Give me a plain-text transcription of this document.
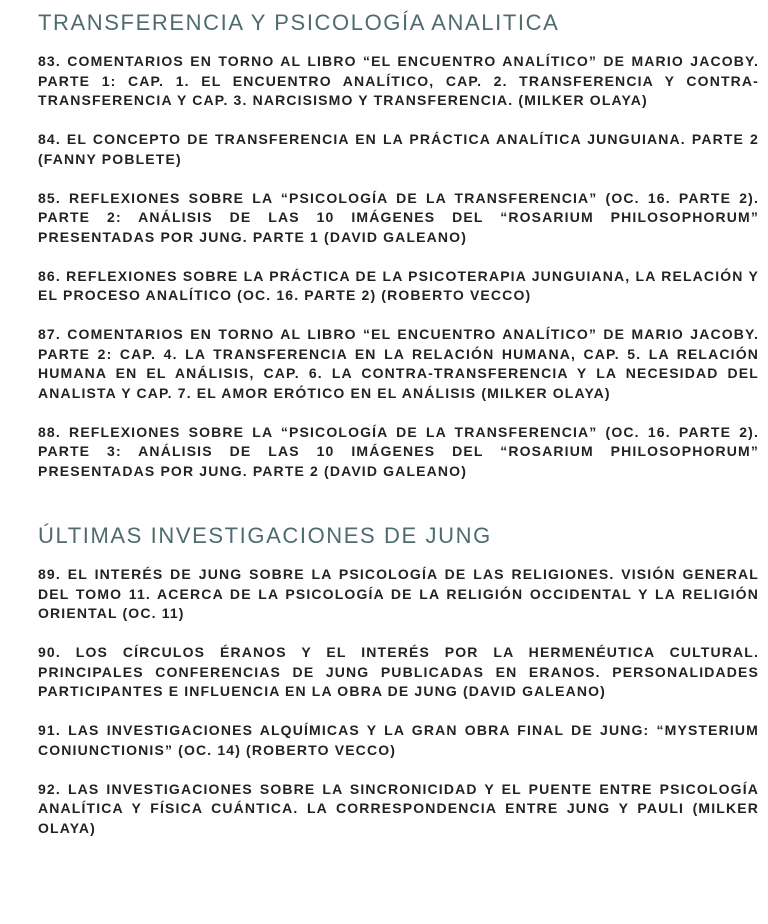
TRANSFERENCIA Y PSICOLOGÍA ANALITICA

83. COMENTARIOS EN TORNO AL LIBRO “EL ENCUENTRO ANALÍTICO” DE MARIO JACOBY. PARTE 1: CAP. 1. EL ENCUENTRO ANALÍTICO, CAP. 2. TRANSFERENCIA Y CONTRA-TRANSFERENCIA Y CAP. 3. NARCISISMO Y TRANSFERENCIA. (MILKER OLAYA)

84. EL CONCEPTO DE TRANSFERENCIA EN LA PRÁCTICA ANALÍTICA JUNGUIANA. PARTE 2 (FANNY POBLETE)

85. REFLEXIONES SOBRE LA “PSICOLOGÍA DE LA TRANSFERENCIA” (OC. 16. PARTE 2). PARTE 2: ANÁLISIS DE LAS 10 IMÁGENES DEL “ROSARIUM PHILOSOPHORUM” PRESENTADAS POR JUNG. PARTE 1 (DAVID GALEANO)

86. REFLEXIONES SOBRE LA PRÁCTICA DE LA PSICOTERAPIA JUNGUIANA, LA RELACIÓN Y EL PROCESO ANALÍTICO (OC. 16. PARTE 2) (ROBERTO VECCO)

87. COMENTARIOS EN TORNO AL LIBRO “EL ENCUENTRO ANALÍTICO” DE MARIO JACOBY. PARTE 2: CAP. 4. LA TRANSFERENCIA EN LA RELACIÓN HUMANA, CAP. 5. LA RELACIÓN HUMANA EN EL ANÁLISIS, CAP. 6. LA CONTRA-TRANSFERENCIA Y LA NECESIDAD DEL ANALISTA Y CAP. 7. EL AMOR ERÓTICO EN EL ANÁLISIS (MILKER OLAYA)

88. REFLEXIONES SOBRE LA “PSICOLOGÍA DE LA TRANSFERENCIA” (OC. 16. PARTE 2). PARTE 3: ANÁLISIS DE LAS 10 IMÁGENES DEL “ROSARIUM PHILOSOPHORUM” PRESENTADAS POR JUNG. PARTE 2 (DAVID GALEANO)

ÚLTIMAS INVESTIGACIONES DE JUNG

89. EL INTERÉS DE JUNG SOBRE LA PSICOLOGÍA DE LAS RELIGIONES. VISIÓN GENERAL DEL TOMO 11. ACERCA DE LA PSICOLOGÍA DE LA RELIGIÓN OCCIDENTAL Y LA RELIGIÓN ORIENTAL (OC. 11)

90. LOS CÍRCULOS ÉRANOS Y EL INTERÉS POR LA HERMENÉUTICA CULTURAL. PRINCIPALES CONFERENCIAS DE JUNG PUBLICADAS EN ERANOS. PERSONALIDADES PARTICIPANTES E INFLUENCIA EN LA OBRA DE JUNG (DAVID GALEANO)

91. LAS INVESTIGACIONES ALQUÍMICAS Y LA GRAN OBRA FINAL DE JUNG: “MYSTERIUM CONIUNCTIONIS” (OC. 14) (ROBERTO VECCO)

92. LAS INVESTIGACIONES SOBRE LA SINCRONICIDAD Y EL PUENTE ENTRE PSICOLOGÍA ANALÍTICA Y FÍSICA CUÁNTICA. LA CORRESPONDENCIA ENTRE JUNG Y PAULI (MILKER OLAYA)
